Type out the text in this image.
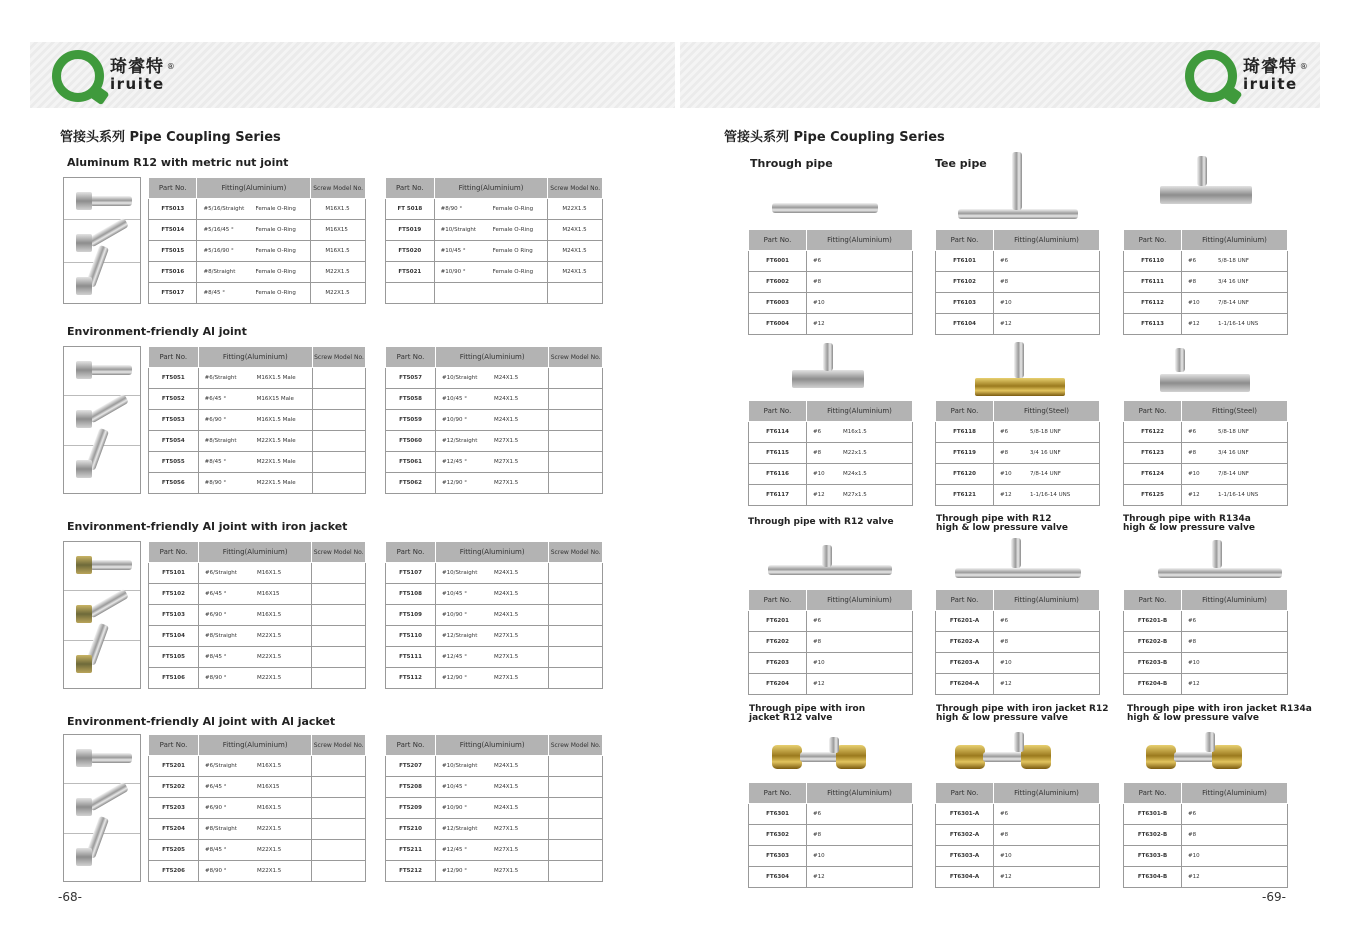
琦睿特
iruite
®	琦睿特
iruite
®
管接头系列 Pipe Coupling Series	管接头系列 Pipe Coupling Series
-68-	-69-
Aluminum R12 with metric nut joint
Part No.	Fitting(Aluminium)	Screw Model No.
FT5013	#5/16/Straight Female O-Ring	M16X1.5
FT5014	#5/16/45 ° Female O-Ring	M16X15
FT5015	#5/16/90 ° Female O-Ring	M16X1.5
FT5016	#8/Straight Female O-Ring	M22X1.5
FT5017	#8/45 ° Female O-Ring	M22X1.5
Part No.	Fitting(Aluminium)	Screw Model No.
FT 5018	#8/90 ° Female O-Ring	M22X1.5
FT5019	#10/Straight Female O-Ring	M24X1.5
FT5020	#10/45 ° Female O Ring	M24X1.5
FT5021	#10/90 ° Female O-Ring	M24X1.5

Environment-friendly Al joint
Part No.	Fitting(Aluminium)	Screw Model No.
FT5051	#6/Straight M16X1.5 Male	
FT5052	#6/45 ° M16X15 Male	
FT5053	#6/90 ° M16X1.5 Male	
FT5054	#8/Straight M22X1.5 Male	
FT5055	#8/45 ° M22X1.5 Male	
FT5056	#8/90 ° M22X1.5 Male	
Part No.	Fitting(Aluminium)	Screw Model No.
FT5057	#10/Straight M24X1.5	
FT5058	#10/45 ° M24X1.5	
FT5059	#10/90 ° M24X1.5	
FT5060	#12/Straight M27X1.5	
FT5061	#12/45 ° M27X1.5	
FT5062	#12/90 ° M27X1.5	
Environment-friendly Al joint with iron jacket
Part No.	Fitting(Aluminium)	Screw Model No.
FT5101	#6/Straight M16X1.5	
FT5102	#6/45 ° M16X15	
FT5103	#6/90 ° M16X1.5	
FT5104	#8/Straight M22X1.5	
FT5105	#8/45 ° M22X1.5	
FT5106	#8/90 ° M22X1.5	
Part No.	Fitting(Aluminium)	Screw Model No.
FT5107	#10/Straight M24X1.5	
FT5108	#10/45 ° M24X1.5	
FT5109	#10/90 ° M24X1.5	
FT5110	#12/Straight M27X1.5	
FT5111	#12/45 ° M27X1.5	
FT5112	#12/90 ° M27X1.5	
Environment-friendly Al joint with Al jacket
Part No.	Fitting(Aluminium)	Screw Model No.
FT5201	#6/Straight M16X1.5	
FT5202	#6/45 ° M16X15	
FT5203	#6/90 ° M16X1.5	
FT5204	#8/Straight M22X1.5	
FT5205	#8/45 ° M22X1.5	
FT5206	#8/90 ° M22X1.5	
Part No.	Fitting(Aluminium)	Screw Model No.
FT5207	#10/Straight M24X1.5	
FT5208	#10/45 ° M24X1.5	
FT5209	#10/90 ° M24X1.5	
FT5210	#12/Straight M27X1.5	
FT5211	#12/45 ° M27X1.5	
FT5212	#12/90 ° M27X1.5	
Part No.	Fitting(Aluminium)
FT6001	#6
FT6002	#8
FT6003	#10
FT6004	#12
Part No.	Fitting(Aluminium)
FT6101	#6
FT6102	#8
FT6103	#10
FT6104	#12
Part No.	Fitting(Aluminium)
FT6110	#6 5/8-18 UNF
FT6111	#8 3/4 16 UNF
FT6112	#10 7/8-14 UNF
FT6113	#12 1-1/16-14 UNS
Part No.	Fitting(Aluminium)
FT6114	#6 M16x1.5
FT6115	#8 M22x1.5
FT6116	#10 M24x1.5
FT6117	#12 M27x1.5
Part No.	Fitting(Steel)
FT6118	#6 5/8-18 UNF
FT6119	#8 3/4 16 UNF
FT6120	#10 7/8-14 UNF
FT6121	#12 1-1/16-14 UNS
Part No.	Fitting(Steel)
FT6122	#6 5/8-18 UNF
FT6123	#8 3/4 16 UNF
FT6124	#10 7/8-14 UNF
FT6125	#12 1-1/16-14 UNS
Part No.	Fitting(Aluminium)
FT6201	#6
FT6202	#8
FT6203	#10
FT6204	#12
Part No.	Fitting(Aluminium)
FT6201-A	#6
FT6202-A	#8
FT6203-A	#10
FT6204-A	#12
Part No.	Fitting(Aluminium)
FT6201-B	#6
FT6202-B	#8
FT6203-B	#10
FT6204-B	#12
Part No.	Fitting(Aluminium)
FT6301	#6
FT6302	#8
FT6303	#10
FT6304	#12
Part No.	Fitting(Aluminium)
FT6301-A	#6
FT6302-A	#8
FT6303-A	#10
FT6304-A	#12
Part No.	Fitting(Aluminium)
FT6301-B	#6
FT6302-B	#8
FT6303-B	#10
FT6304-B	#12
Through pipe	Tee pipe
Through pipe with R12 valve	Through pipe with R12
high & low pressure valve
Through pipe with R134a
high & low pressure valve
Through pipe with iron
jacket R12 valve
Through pipe with iron jacket R12
high & low pressure valve
Through pipe with iron jacket R134a
high & low pressure valve
